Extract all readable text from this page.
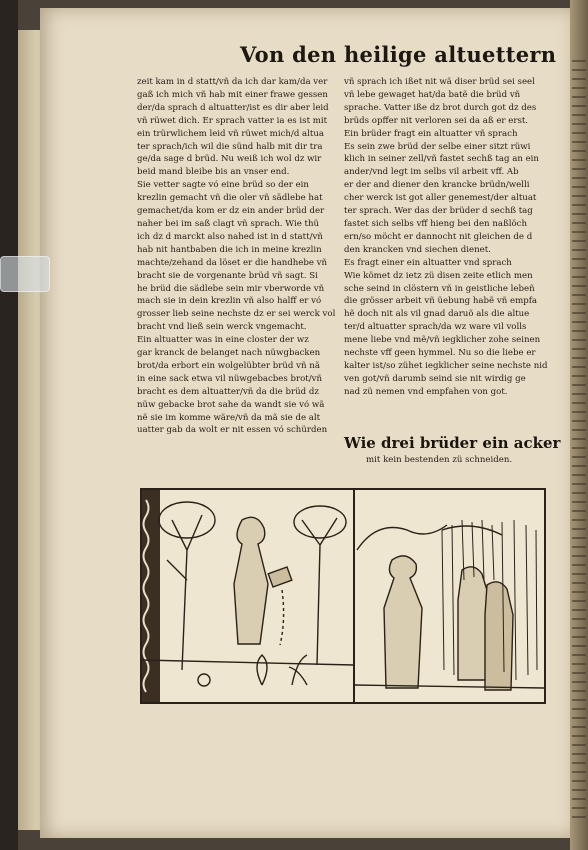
Von den heilige altuettern

zeit kam in d statt/vñ da ich dar kam/da ver

gaß ich mich vñ hab mit einer frawe gessen

der/da sprach d altuatter/ist es dir aber leid

vñ rüwet dich. Er sprach vatter ia es ist mit

ein trürwlichem leid vñ rüwet mich/d altua

ter sprach/ich wil die sünd halb mit dir tra

ge/da sage d brüd. Nu weiß ich wol dz wir

beid mand bleibe bis an vnser end.

Sie vetter sagte vó eine brüd so der ein

krezlin gemacht vñ die oler vñ sädlebe hat

gemachet/da kom er dz ein ander brüd der

naher bei im saß clagt vñ sprach. Wie thü

ich dz d marckt also nahed ist in d statt/vñ

hab nit hantbaben die ich in meine krezlin

machte/zehand da löset er die handhebe vñ

bracht sie de vorgenante brüd vñ sagt. Si

he brüd die sädlebe sein mir vberworde vñ

mach sie in dein krezlin vñ also halff er vó

grosser lieb seine nechste dz er sei werck vol

bracht vnd ließ sein werck vngemacht.

Ein altuatter was in eine closter der wz

gar kranck de belanget nach nüwgbacken

brot/da erbort ein wolgelübter brüd vñ nã

in eine sack etwa vil nüwgebacbes brot/vñ

bracht es dem altuatter/vñ da die brüd dz

nüw gebacke brot sahe da wandt sie vó wã

nẽ sie im komme wäre/vñ da mã sie de alt

uatter gab da wolt er nit essen vó schürden

vñ sprach ich ißet nit wã diser brüd sei seel

vñ lebe gewaget hat/da batẽ die brüd vñ

sprache. Vatter iße dz brot durch got dz des

brüds opffer nit verloren sei da aß er erst.

Ein brüder fragt ein altuatter vñ sprach

Es sein zwe brüd der selbe einer sitzt rüwi

klich in seiner zell/vñ fastet sechß tag an ein

ander/vnd legt im selbs vil arbeit vff. Ab

er der and diener den krancke brüdn/welli

cher werck ist got aller genemest/der altuat

ter sprach. Wer das der brüder d sechß tag

fastet sich selbs vff hieng bei den naßlöch

ern/so möcht er dannocht nit gleichen de d

den krancken vnd siechen dienet.

Es fragt einer ein altuatter vnd sprach

Wie kömet dz ietz zü disen zeite etlich men

sche seind in clöstern vñ in geistliche lebeñ

die grösser arbeit vñ üebung habẽ vñ empfa

hẽ doch nit als vil gnad daruõ als die altue

ter/d altuatter sprach/da wz ware vil volls

mene liebe vnd mẽ/vñ iegklicher zohe seinen

nechste vff geen hymmel. Nu so die liebe er

kalter ist/so zühet iegklicher seine nechste nid

ven got/vñ darumb seind sie nit wirdig ge

nad zü nemen vnd empfahen von got.

Wie drei brüder ein acker
mit kein bestenden zü schneiden.
